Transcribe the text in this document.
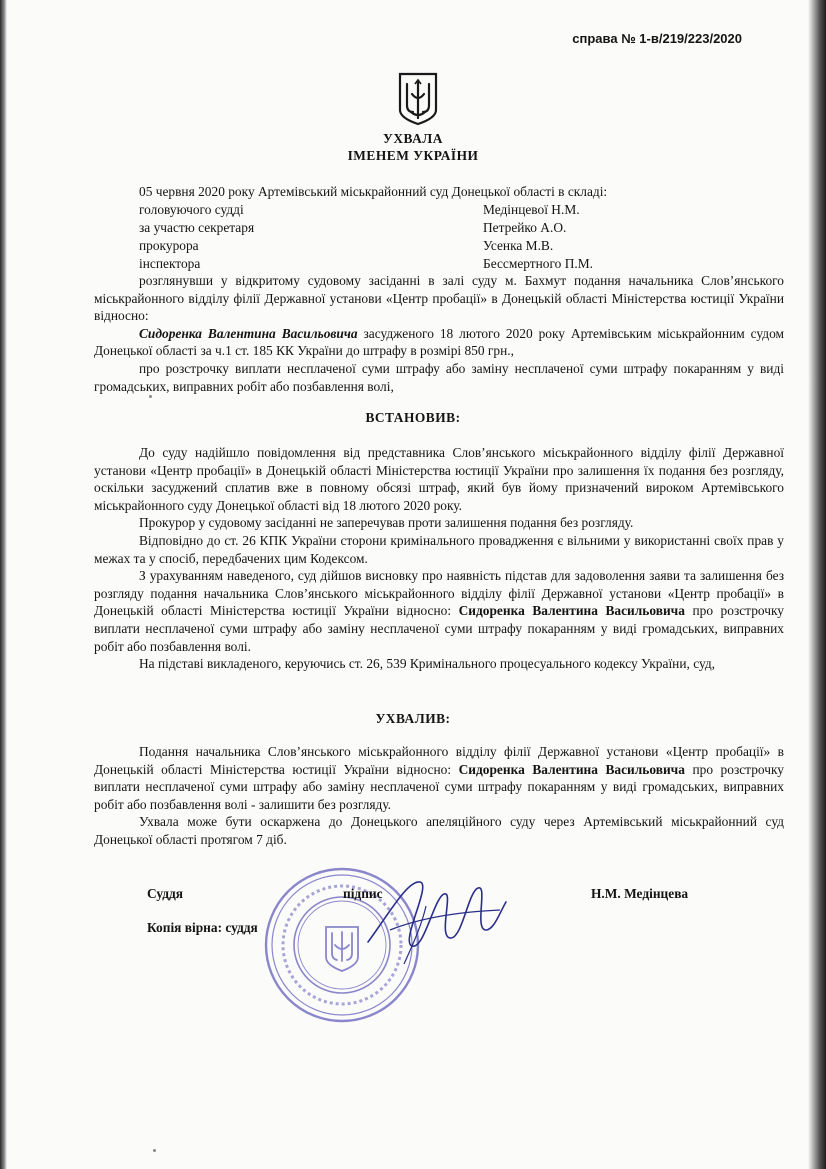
справа № 1-в/219/223/2020
УХВАЛА
ІМЕНЕМ УКРАЇНИ
05 червня 2020 року Артемівський міськрайонний суд Донецької області в складі:
головуючого судді	Медінцевої Н.М.
за участю секретаря	Петрейко А.О.
прокурора	Усенка М.В.
інспектора	Бессмертного П.М.

розглянувши у відкритому судовому засіданні в залі суду м. Бахмут подання начальника Слов’янського міськрайонного відділу філії Державної установи «Центр пробації» в Донецькій області Міністерства юстиції України відносно:

Сидоренка Валентина Васильовича засудженого 18 лютого 2020 року Артемівським міськрайонним судом Донецької області за ч.1 ст. 185 КК України до штрафу в розмірі 850 грн.,

про розстрочку виплати несплаченої суми штрафу або заміну несплаченої суми штрафу покаранням у виді громадських, виправних робіт або позбавлення волі,

ВСТАНОВИВ:

До суду надійшло повідомлення від представника Слов’янського міськрайонного відділу філії Державної установи «Центр пробації» в Донецькій області Міністерства юстиції України про залишення їх подання без розгляду, оскільки засуджений сплатив вже в повному обсязі штраф, який був йому призначений вироком Артемівського міськрайонного суду Донецької області від 18 лютого 2020 року.

Прокурор у судовому засіданні не заперечував проти залишення подання без розгляду.

Відповідно до ст. 26 КПК України сторони кримінального провадження є вільними у використанні своїх прав у межах та у спосіб, передбачених цим Кодексом.

З урахуванням наведеного, суд дійшов висновку про наявність підстав для задоволення заяви та залишення без розгляду подання начальника Слов’янського міськрайонного відділу філії Державної установи «Центр пробації» в Донецькій області Міністерства юстиції України відносно: Сидоренка Валентина Васильовича про розстрочку виплати несплаченої суми штрафу або заміну несплаченої суми штрафу покаранням у виді громадських, виправних робіт або позбавлення волі.

На підставі викладеного, керуючись ст. 26, 539 Кримінального процесуального кодексу України, суд,

УХВАЛИВ:

Подання начальника Слов’янського міськрайонного відділу філії Державної установи «Центр пробації» в Донецькій області Міністерства юстиції України відносно: Сидоренка Валентина Васильовича про розстрочку виплати несплаченої суми штрафу або заміну несплаченої суми штрафу покаранням у виді громадських, виправних робіт або позбавлення волі - залишити без розгляду.

Ухвала може бути оскаржена до Донецького апеляційного суду через Артемівський міськрайонний суд Донецької області протягом 7 діб.

Суддя	підпис	Н.М. Медінцева
Копія вірна: суддя
